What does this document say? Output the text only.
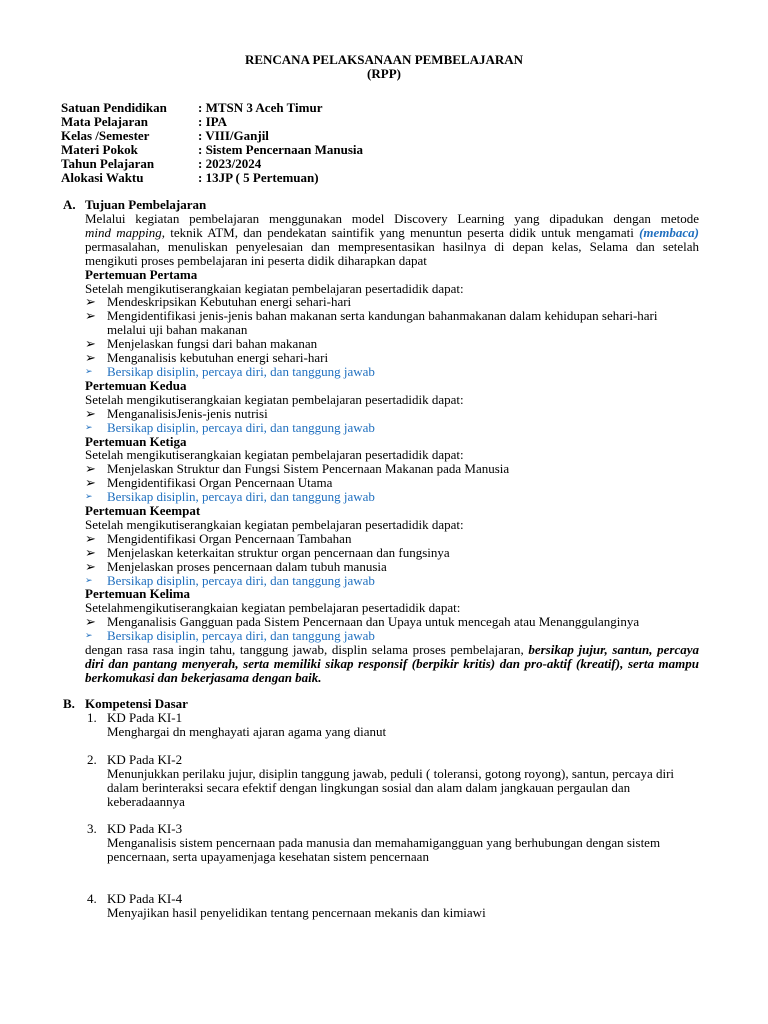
RENCANA PELAKSANAAN PEMBELAJARAN
(RPP)
Satuan Pendidikan	: MTSN 3 Aceh Timur
Mata Pelajaran	: IPA
Kelas /Semester	: VIII/Ganjil
Materi Pokok	: Sistem Pencernaan Manusia
Tahun Pelajaran	: 2023/2024
Alokasi Waktu	: 13JP ( 5 Pertemuan)
A. Tujuan Pembelajaran
Melalui kegiatan pembelajaran menggunakan model Discovery Learning yang dipadukan dengan metode
mind mapping, teknik ATM, dan pendekatan saintifik yang menuntun peserta didik untuk mengamati (membaca) permasalahan, menuliskan penyelesaian dan mempresentasikan hasilnya di depan kelas, Selama dan setelah mengikuti proses pembelajaran ini peserta didik diharapkan dapat
Pertemuan Pertama
Setelah mengikutiserangkaian kegiatan pembelajaran pesertadidik dapat:
➢ Mendeskripsikan Kebutuhan energi sehari-hari
➢ Mengidentifikasi jenis-jenis bahan makanan serta kandungan bahanmakanan dalam kehidupan sehari-hari melalui uji bahan makanan
➢ Menjelaskan fungsi dari bahan makanan
➢ Menganalisis kebutuhan energi sehari-hari
➢ Bersikap disiplin, percaya diri, dan tanggung jawab
Pertemuan Kedua
Setelah mengikutiserangkaian kegiatan pembelajaran pesertadidik dapat:
➢ MenganalisisJenis-jenis nutrisi
➢ Bersikap disiplin, percaya diri, dan tanggung jawab
Pertemuan Ketiga
Setelah mengikutiserangkaian kegiatan pembelajaran pesertadidik dapat:
➢ Menjelaskan Struktur dan Fungsi Sistem Pencernaan Makanan pada Manusia
➢ Mengidentifikasi Organ Pencernaan Utama
➢ Bersikap disiplin, percaya diri, dan tanggung jawab
Pertemuan Keempat
Setelah mengikutiserangkaian kegiatan pembelajaran pesertadidik dapat:
➢ Mengidentifikasi Organ Pencernaan Tambahan
➢ Menjelaskan keterkaitan struktur organ pencernaan dan fungsinya
➢ Menjelaskan proses pencernaan dalam tubuh manusia
➢ Bersikap disiplin, percaya diri, dan tanggung jawab
Pertemuan Kelima
Setelahmengikutiserangkaian kegiatan pembelajaran pesertadidik dapat:
➢ Menganalisis Gangguan pada Sistem Pencernaan dan Upaya untuk mencegah atau Menanggulanginya
➢ Bersikap disiplin, percaya diri, dan tanggung jawab
dengan rasa rasa ingin tahu, tanggung jawab, displin selama proses pembelajaran, bersikap jujur, santun, percaya diri dan pantang menyerah, serta memiliki sikap responsif (berpikir kritis) dan pro-aktif (kreatif), serta mampu berkomukasi dan bekerjasama dengan baik.
B. Kompetensi Dasar
1. KD Pada KI-1
Menghargai dn menghayati ajaran agama yang dianut
2. KD Pada KI-2
Menunjukkan perilaku jujur, disiplin tanggung jawab, peduli ( toleransi, gotong royong), santun, percaya diri dalam berinteraksi secara efektif dengan lingkungan sosial dan alam dalam jangkauan pergaulan dan keberadaannya
3. KD Pada KI-3
Menganalisis sistem pencernaan pada manusia dan memahamigangguan yang berhubungan dengan sistem pencernaan, serta upayamenjaga kesehatan sistem pencernaan
4. KD Pada KI-4
Menyajikan hasil penyelidikan tentang pencernaan mekanis dan kimiawi
